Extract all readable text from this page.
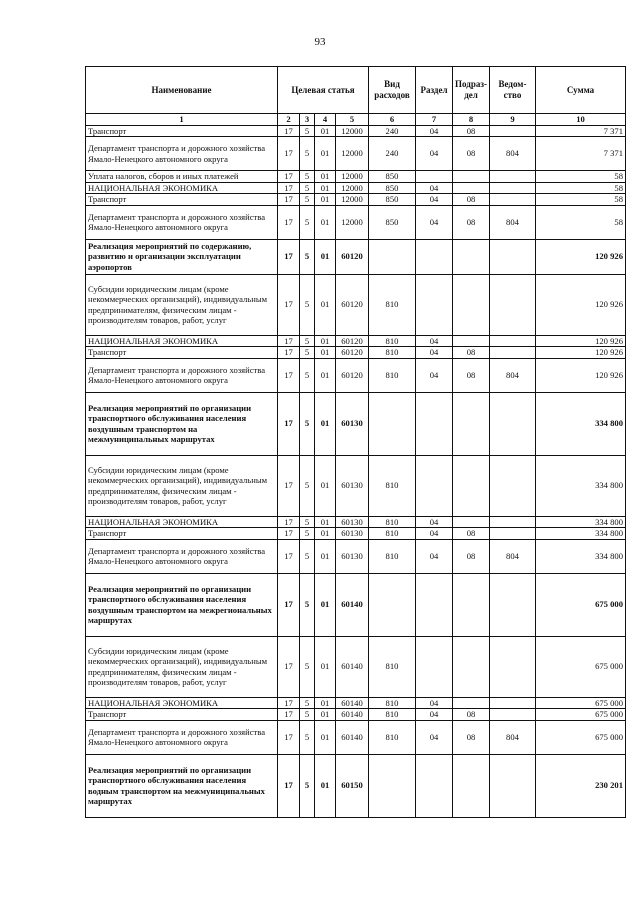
93
Наименование	Целевая статья				Вид расходов	Раздел	Подраз-дел	Ведом-ство	Сумма
1	2	3	4	5	6	7	8	9	10
Транспорт	17	5	01	12000	240	04	08		7 371
Департамент транспорта и дорожного хозяйства Ямало-Ненецкого автономного округа	17	5	01	12000	240	04	08	804	7 371
Уплата налогов, сборов и иных платежей	17	5	01	12000	850				58
НАЦИОНАЛЬНАЯ ЭКОНОМИКА	17	5	01	12000	850	04			58
Транспорт	17	5	01	12000	850	04	08		58
Департамент транспорта и дорожного хозяйства Ямало-Ненецкого автономного округа	17	5	01	12000	850	04	08	804	58
Реализация мероприятий по содержанию, развитию и организации эксплуатации аэропортов	17	5	01	60120					120 926
Субсидии юридическим лицам (кроме некоммерческих организаций), индивидуальным предпринимателям, физическим лицам - производителям товаров, работ, услуг	17	5	01	60120	810				120 926
НАЦИОНАЛЬНАЯ ЭКОНОМИКА	17	5	01	60120	810	04			120 926
Транспорт	17	5	01	60120	810	04	08		120 926
Департамент транспорта и дорожного хозяйства Ямало-Ненецкого автономного округа	17	5	01	60120	810	04	08	804	120 926
Реализация мероприятий по организации транспортного обслуживания населения воздушным транспортом на межмуниципальных маршрутах	17	5	01	60130					334 800
Субсидии юридическим лицам (кроме некоммерческих организаций), индивидуальным предпринимателям, физическим лицам - производителям товаров, работ, услуг	17	5	01	60130	810				334 800
НАЦИОНАЛЬНАЯ ЭКОНОМИКА	17	5	01	60130	810	04			334 800
Транспорт	17	5	01	60130	810	04	08		334 800
Департамент транспорта и дорожного хозяйства Ямало-Ненецкого автономного округа	17	5	01	60130	810	04	08	804	334 800
Реализация мероприятий по организации транспортного обслуживания населения воздушным транспортом на межрегиональных маршрутах	17	5	01	60140					675 000
Субсидии юридическим лицам (кроме некоммерческих организаций), индивидуальным предпринимателям, физическим лицам - производителям товаров, работ, услуг	17	5	01	60140	810				675 000
НАЦИОНАЛЬНАЯ ЭКОНОМИКА	17	5	01	60140	810	04			675 000
Транспорт	17	5	01	60140	810	04	08		675 000
Департамент транспорта и дорожного хозяйства Ямало-Ненецкого автономного округа	17	5	01	60140	810	04	08	804	675 000
Реализация мероприятий по организации транспортного обслуживания населения водным транспортом на межмуниципальных маршрутах	17	5	01	60150					230 201
